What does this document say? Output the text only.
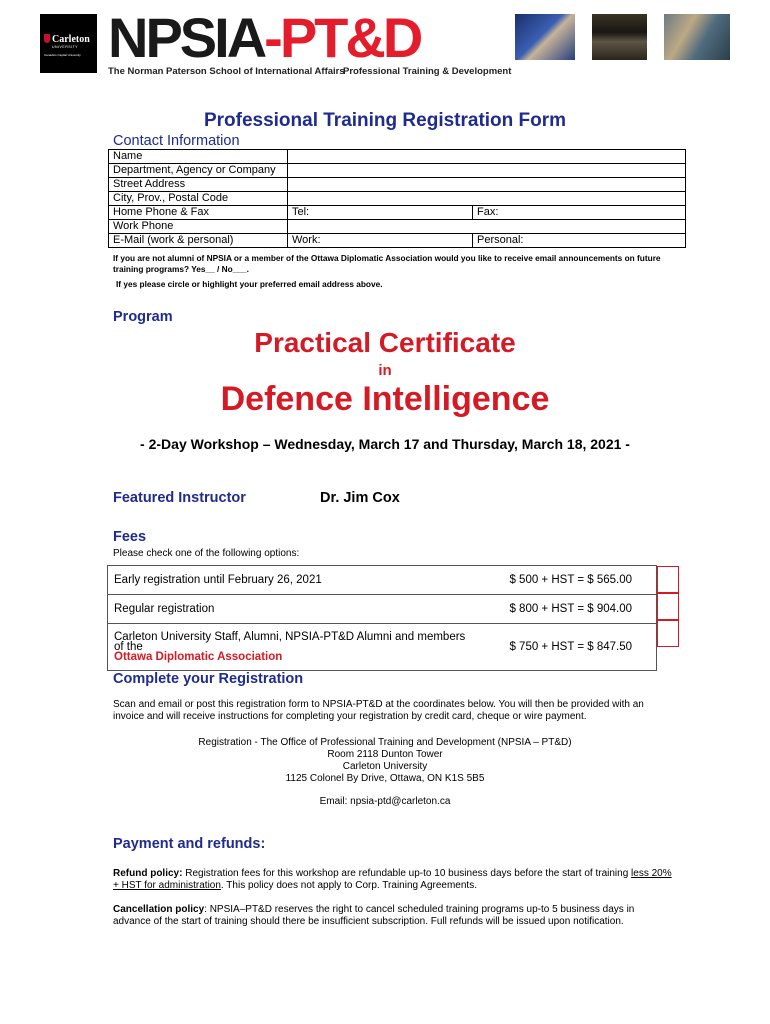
Carleton
UNIVERSITY
Canada's Capital University NPSIA-PT&D
The Norman Paterson School of International Affairs
Professional Training & Development
Professional Training Registration Form
Contact Information
Name		
Department, Agency or Company		
Street Address		
City, Prov., Postal Code		
Home Phone & Fax	Tel:	Fax:
Work Phone		
E-Mail (work & personal)	Work:	Personal:
If you are not alumni of NPSIA or a member of the Ottawa Diplomatic Association would you like to receive email announcements on future training programs? Yes__ / No___.
If yes please circle or highlight your preferred email address above.
Program
Practical Certificate
in
Defence Intelligence
- 2-Day Workshop – Wednesday, March 17 and Thursday, March 18, 2021 -
Featured Instructor	Dr. Jim Cox
Fees
Please check one of the following options:
Early registration until February 26, 2021	$ 500 + HST = $ 565.00
Regular registration	$ 800 + HST = $ 904.00
Carleton University Staff, Alumni, NPSIA-PT&D Alumni and members of the
Ottawa Diplomatic Association	$ 750 + HST = $ 847.50
Complete your Registration
Scan and email or post this registration form to NPSIA-PT&D at the coordinates below. You will then be provided with an invoice and will receive instructions for completing your registration by credit card, cheque or wire payment.
Registration - The Office of Professional Training and Development (NPSIA – PT&D)
Room 2118 Dunton Tower
Carleton University
1125 Colonel By Drive, Ottawa, ON K1S 5B5
Email: npsia-ptd@carleton.ca
Payment and refunds:
Refund policy: Registration fees for this workshop are refundable up-to 10 business days before the start of training less 20% + HST for administration. This policy does not apply to Corp. Training Agreements.
Cancellation policy: NPSIA–PT&D reserves the right to cancel scheduled training programs up-to 5 business days in advance of the start of training should there be insufficient subscription. Full refunds will be issued upon notification.
